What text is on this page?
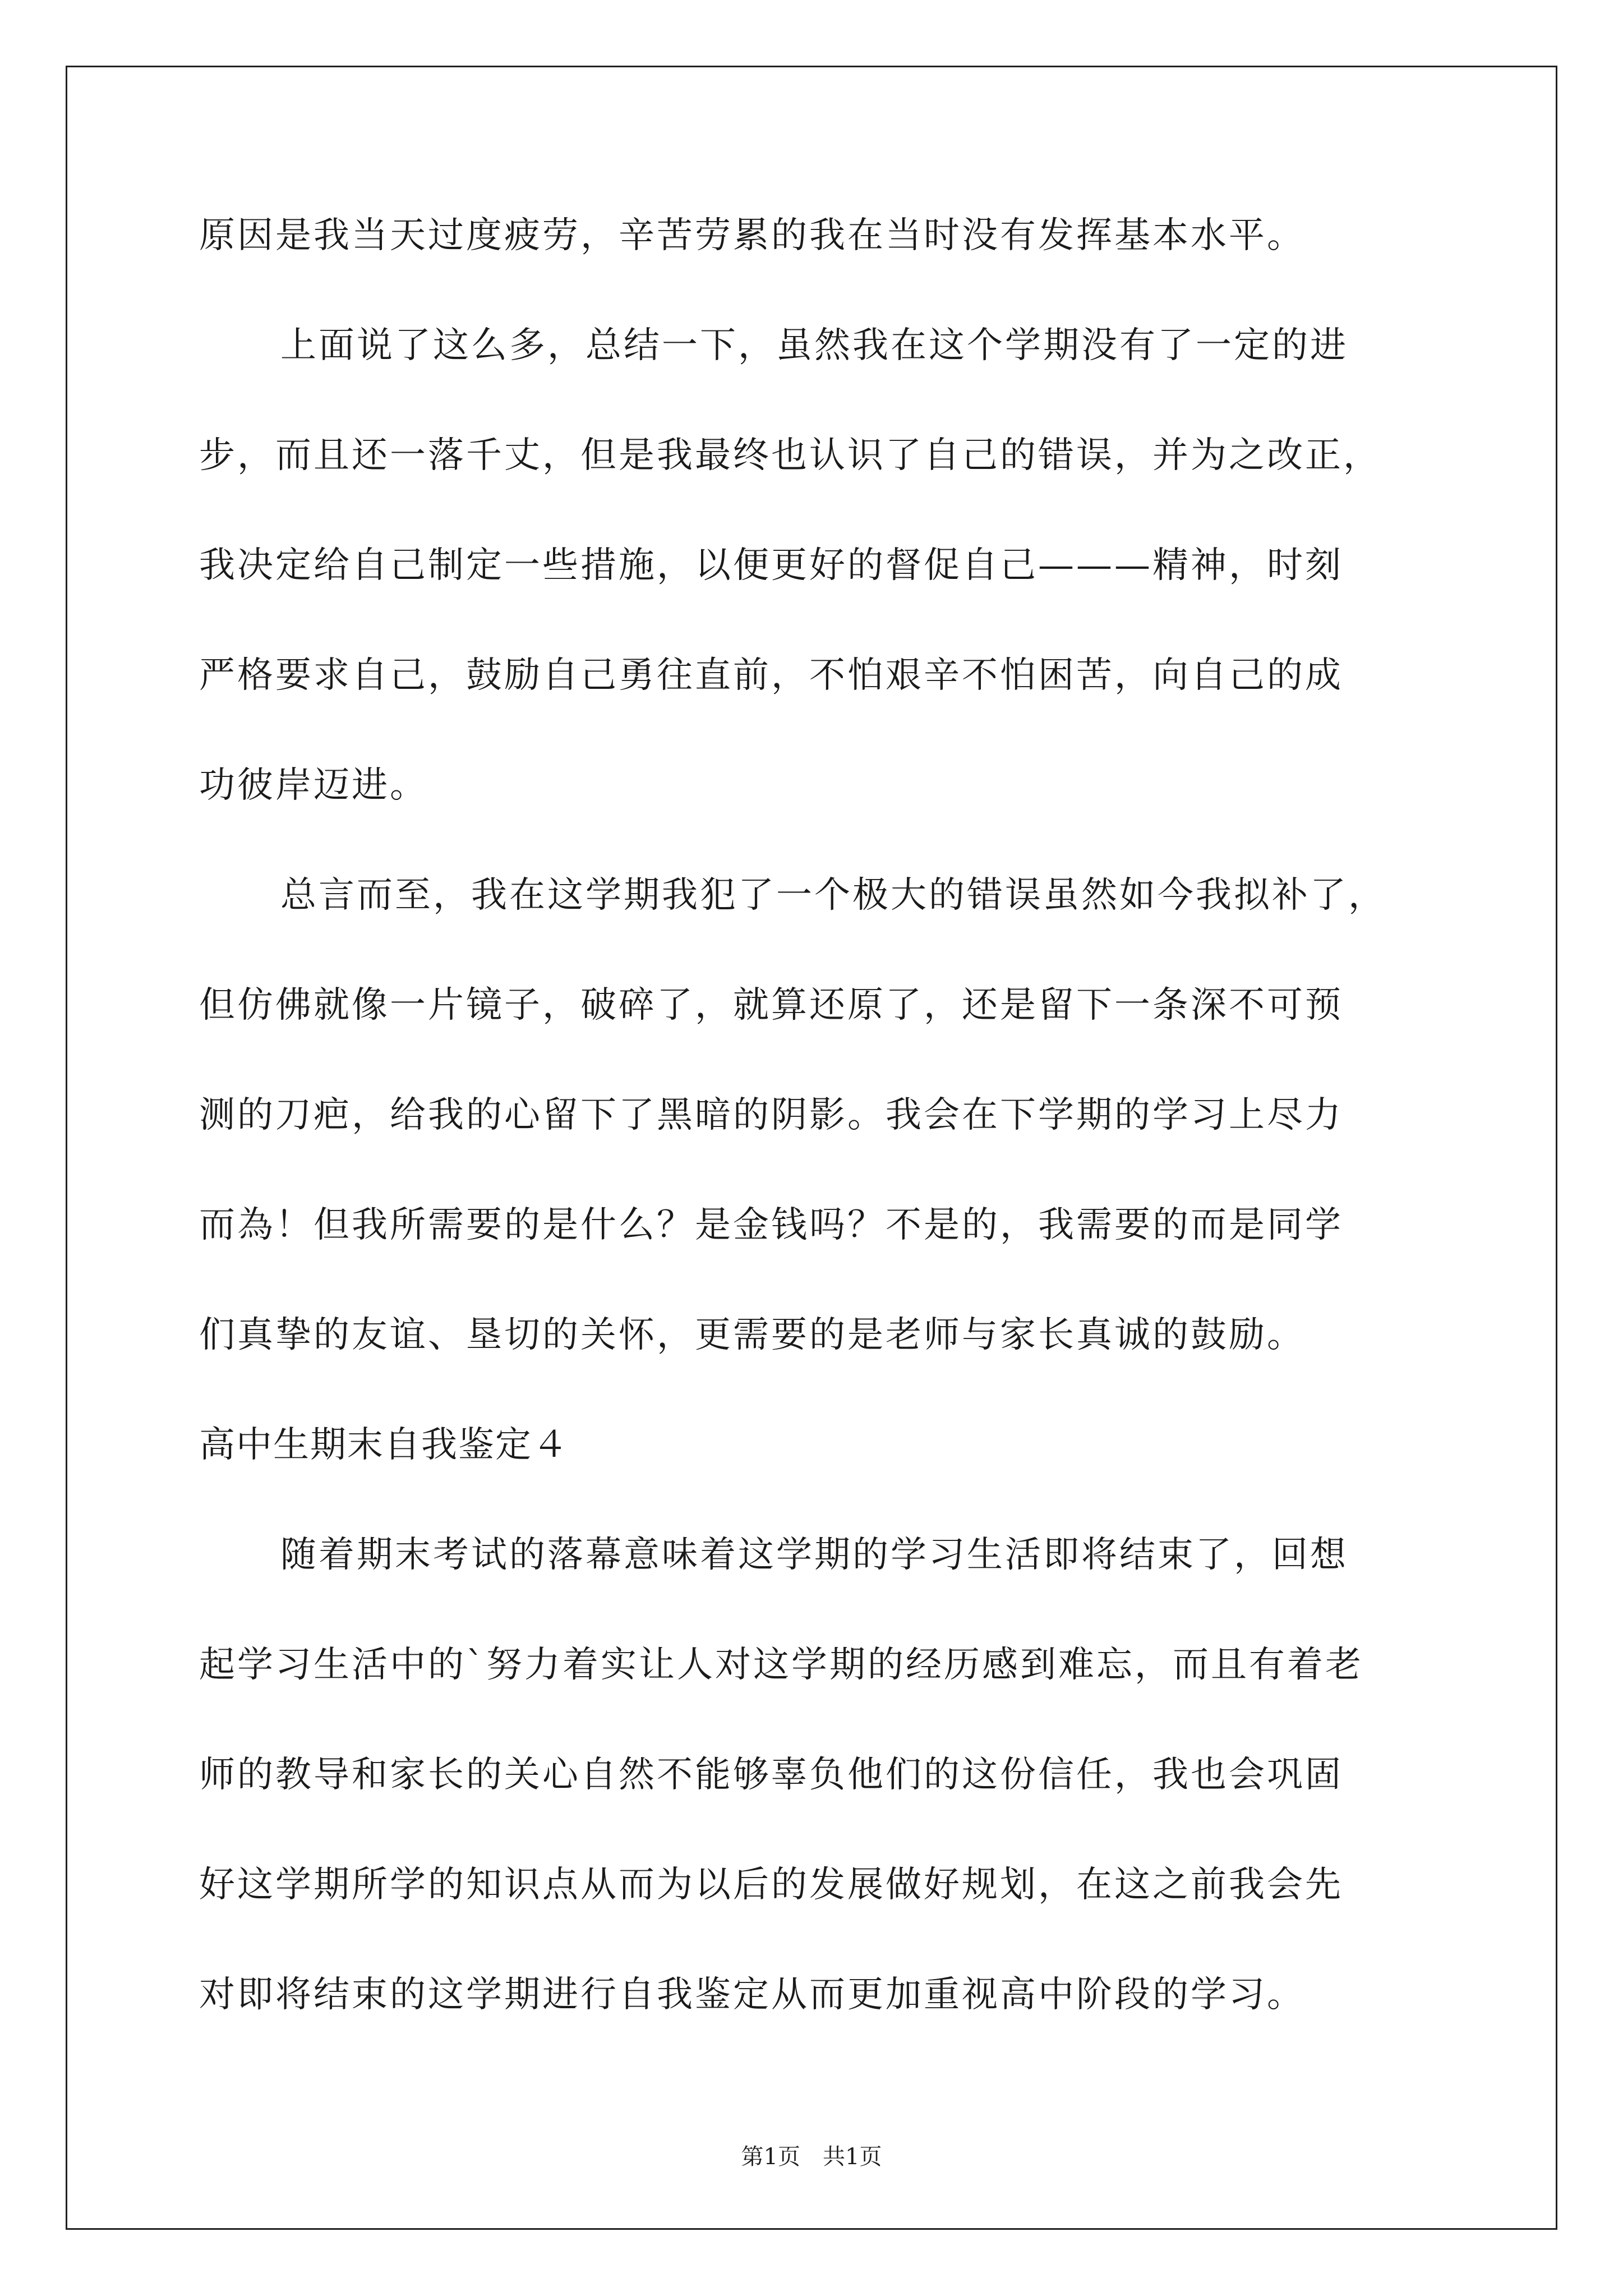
原因是我当天过度疲劳，辛苦劳累的我在当时没有发挥基本水平。
上面说了这么多，总结一下，虽然我在这个学期没有了一定的进
步，而且还一落千丈，但是我最终也认识了自己的错误，并为之改正，
我决定给自己制定一些措施，以便更好的督促自己———精神，时刻
严格要求自己，鼓励自己勇往直前，不怕艰辛不怕困苦，向自己的成
功彼岸迈进。
总言而至，我在这学期我犯了一个极大的错误虽然如今我拟补了，
但仿佛就像一片镜子，破碎了，就算还原了，还是留下一条深不可预
测的刀疤，给我的心留下了黑暗的阴影。我会在下学期的学习上尽力
而為！但我所需要的是什么？是金钱吗？不是的，我需要的而是同学
们真挚的友谊、垦切的关怀，更需要的是老师与家长真诚的鼓励。
高中生期末自我鉴定４
随着期末考试的落幕意味着这学期的学习生活即将结束了，回想
起学习生活中的`努力着实让人对这学期的经历感到难忘，而且有着老
师的教导和家长的关心自然不能够辜负他们的这份信任，我也会巩固
好这学期所学的知识点从而为以后的发展做好规划，在这之前我会先
对即将结束的这学期进行自我鉴定从而更加重视高中阶段的学习。
第1页　共1页
